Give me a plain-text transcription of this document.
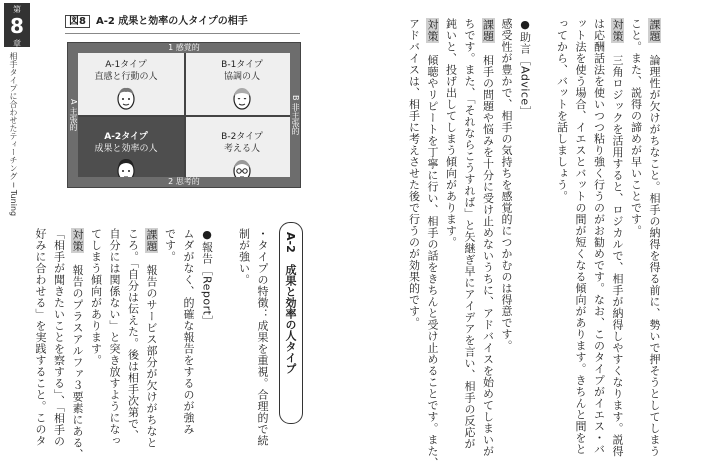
第
8
章
相手タイプに合わせたティーチング ─ Tuning
図8 A-2 成果と効率の人タイプの相手
A-1タイプ
直感と行動の人
B-1タイプ
協調の人
A-2タイプ
成果と効率の人
B-2タイプ
考える人
1 感覚的
2 思考的
A 主張的	B 非主張的
A-2　成果と効率の人タイプ
・タイプの特徴：成果を重視。合理的で続
制が強い。
●報告［Report］
ムダがなく、的確な報告をするのが強み
です。
課題　報告のサービス部分が欠けがちなと
ころ。「自分は伝えた。後は相手次第で、
自分には関係ない」と突き放すようになっ
てしまう傾向があります。
対策　報告のプラスアルファ３要素にある、
「相手が聞きたいことを察する」、「相手の
好みに合わせる」を実践すること。このタ
課題　論理性が欠けがちなこと。相手の納得を得る前に、勢いで押そうとしてしまう
こと。また、説得の諦めが早いことです。
対策　三角ロジックを活用すると、ロジカルで、相手が納得しやすくなります。説得
は応酬話法を使いつつ粘り強く行うのがお勧めです。なお、このタイプがイエス・バ
ット法を使う場合、イエスとバットの間が短くなる傾向があります。きちんと間をと
ってから、バットを話しましょう。
●助言［Advice］
感受性が豊かで、相手の気持ちを感覚的につかむのは得意です。
課題　相手の問題や悩みを十分に受け止めないうちに、アドバイスを始めてしまいが
ちです。また、「それならこうすれば」と矢継ぎ早にアイデアを言い、相手の反応が
鈍いと、投げ出してしまう傾向があります。
対策　傾聴やリピートを丁寧に行い、相手の話をきちんと受け止めることです。また、
アドバイスは、相手に考えさせた後で行うのが効果的です。
